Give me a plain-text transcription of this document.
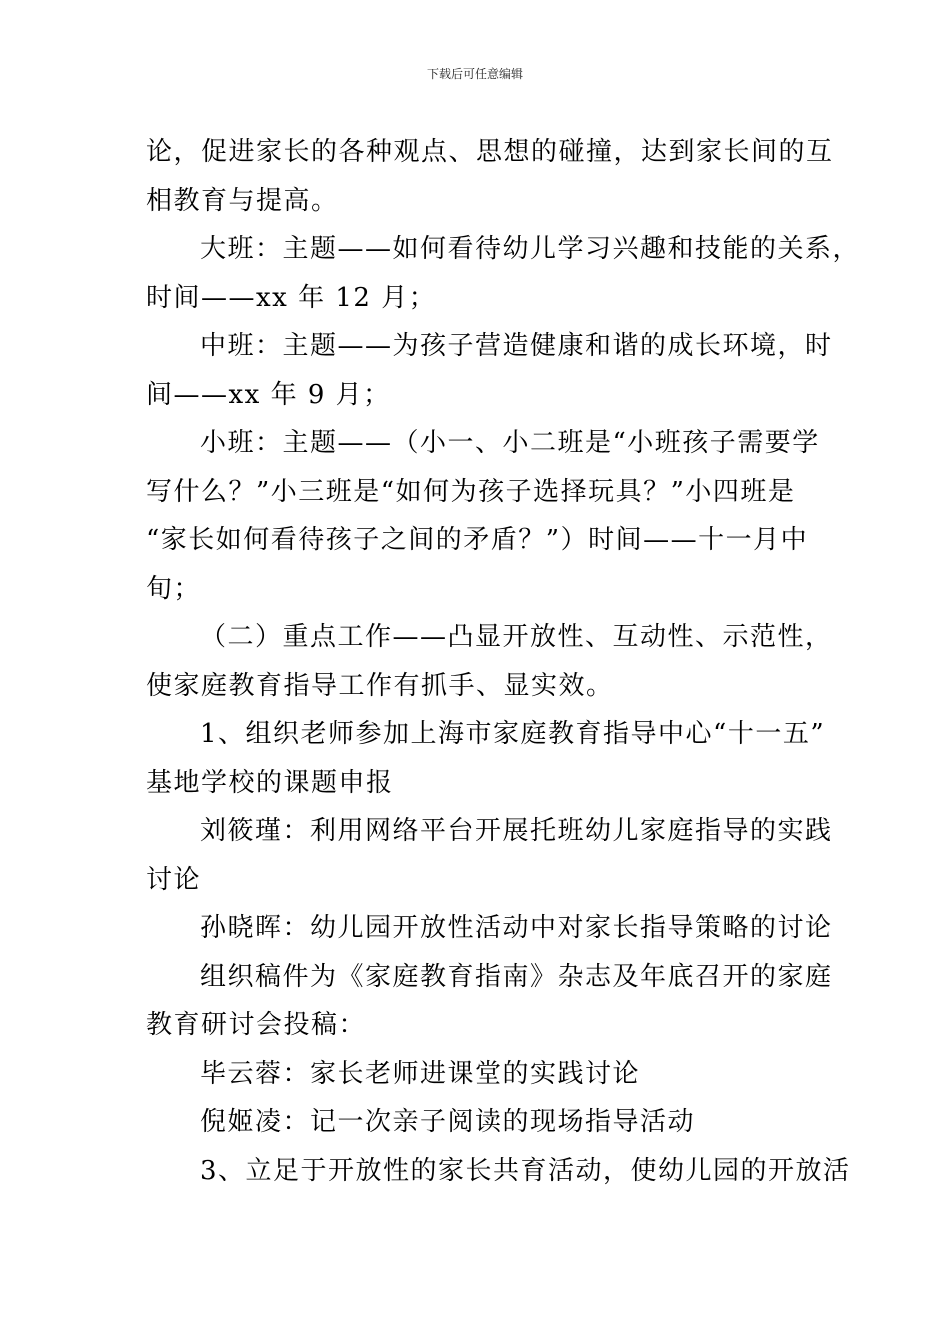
下载后可任意编辑
论，促进家长的各种观点、思想的碰撞，达到家长间的互
相教育与提高。
大班：主题——如何看待幼儿学习兴趣和技能的关系，
时间——xx 年 12 月；
中班：主题——为孩子营造健康和谐的成长环境，时
间——xx 年 9 月；
小班：主题——（小一、小二班是“小班孩子需要学
写什么？”小三班是“如何为孩子选择玩具？”小四班是
“家长如何看待孩子之间的矛盾？”）时间——十一月中
旬；
（二）重点工作——凸显开放性、互动性、示范性，
使家庭教育指导工作有抓手、显实效。
1、组织老师参加上海市家庭教育指导中心“十一五”
基地学校的课题申报
刘筱瑾：利用网络平台开展托班幼儿家庭指导的实践
讨论
孙晓晖：幼儿园开放性活动中对家长指导策略的讨论
组织稿件为《家庭教育指南》杂志及年底召开的家庭
教育研讨会投稿：
毕云蓉：家长老师进课堂的实践讨论
倪姬凌：记一次亲子阅读的现场指导活动
3、立足于开放性的家长共育活动，使幼儿园的开放活
